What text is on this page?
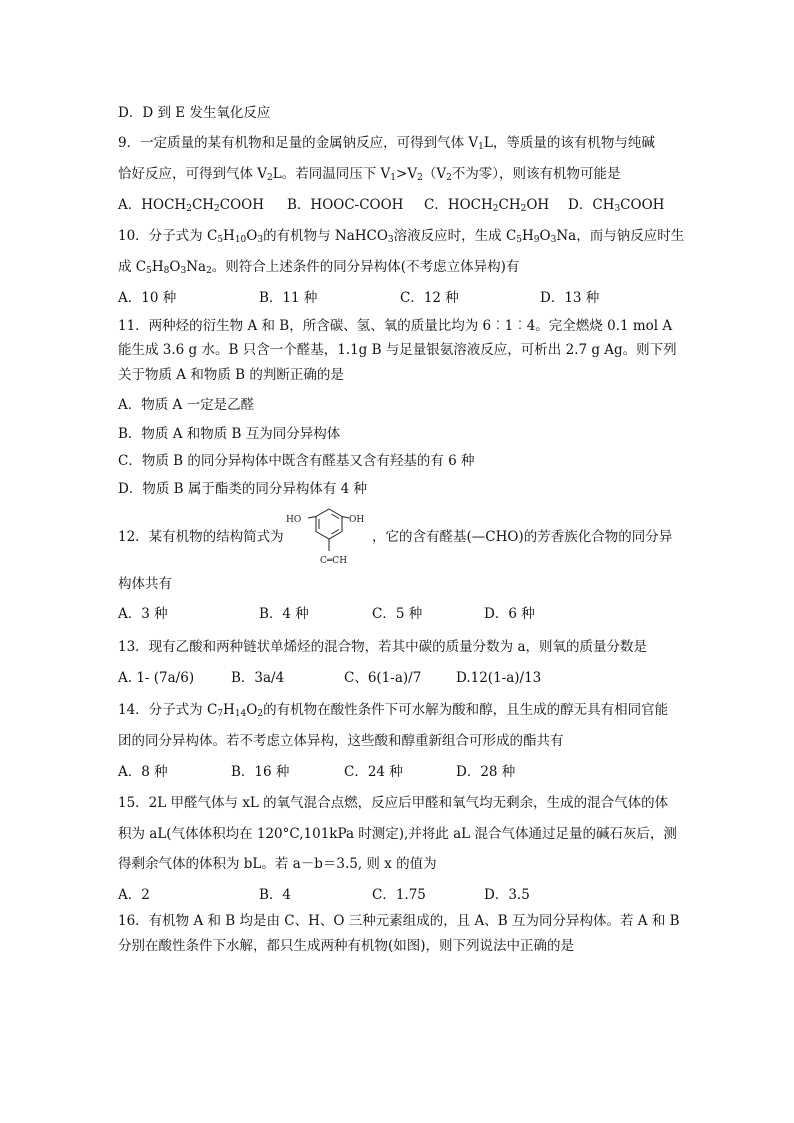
D．D 到 E 发生氧化反应
9．一定质量的某有机物和足量的金属钠反应，可得到气体 $V_1L$，等质量的该有机物与纯碱
恰好反应，可得到气体 $V_2L$。若同温同压下 $V_1>V_2(V_2$不为零），则该有机物可能是
A．$HOCH_2CH_2COOH$ B．HOOC-COOH C．$HOCH_2CH_2OH$ D．$CH_3COOH$
10．分子式为 $C_5H_{10}O_3$的有机物与 NaHCO$_3$溶液反应时，生成 $C_5H_9O_3Na$，而与钠反应时生
成 $C_5H_8O_3Na_2$。则符合上述条件的同分异构体(不考虑立体异构)有
A．10 种	B．11 种	C．12 种	D．13 种
11．两种烃的衍生物 A 和 B，所含碳、氢、氧的质量比均为 6︰1︰4。完全燃烧 0.1 mol A
能生成 3.6 g 水。B 只含一个醛基，1.1g B 与足量银氨溶液反应，可析出 2.7 g Ag。则下列
关于物质 A 和物质 B 的判断正确的是
A．物质 A 一定是乙醛
B．物质 A 和物质 B 互为同分异构体
C．物质 B 的同分异构体中既含有醛基又含有羟基的有 6 种
D．物质 B 属于酯类的同分异构体有 4 种
12．某有机物的结构简式为
HO	OH
C═CH
，它的含有醛基(—CHO)的芳香族化合物的同分异
构体共有
A．3 种	B．4 种	C．5 种	D．6 种
13．现有乙酸和两种链状单烯烃的混合物，若其中碳的质量分数为 a，则氧的质量分数是
A. 1- (7a/6)	B．3a/4	C、6(1-a)/7	D.12(1-a)/13
14．分子式为 $C_7H_{14}O_2$的有机物在酸性条件下可水解为酸和醇，且生成的醇无具有相同官能
团的同分异构体。若不考虑立体异构，这些酸和醇重新组合可形成的酯共有
A．8 种	B．16 种	C．24 种	D．28 种
15．2L 甲醛气体与 xL 的氧气混合点燃，反应后甲醛和氧气均无剩余，生成的混合气体的体
积为 aL(气体体积均在 120°C,101kPa 时测定),并将此 aL 混合气体通过足量的碱石灰后，测
得剩余气体的体积为 bL。若 a－b＝3.5, 则 x 的值为
A．2	B．4	C．1.75	D．3.5
16．有机物 A 和 B 均是由 C、H、O 三种元素组成的，且 A、B 互为同分异构体。若 A 和 B
分别在酸性条件下水解，都只生成两种有机物(如图)，则下列说法中正确的是
